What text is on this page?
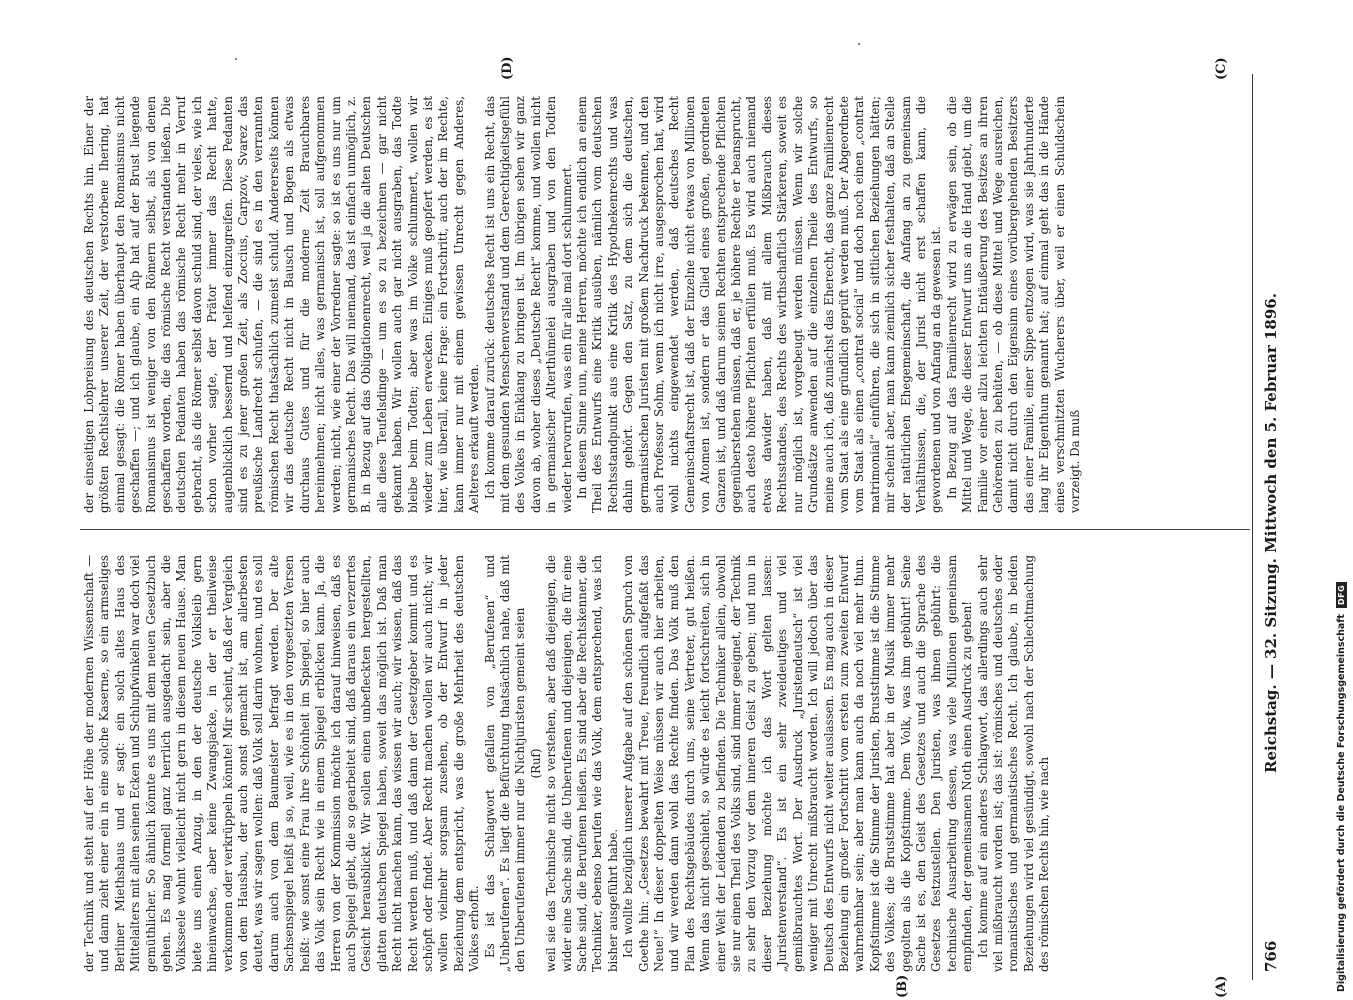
766
Reichstag. — 32. Sitzung. Mittwoch den 5. Februar 1896.
(A)
(B)
(C)
(D)

der Technik und steht auf der Höhe der modernen Wissenschaft — und dann zieht einer ein in eine solche Kaserne, so ein armseliges Berliner Miethshaus und er sagt: ein solch altes Haus des Mittelalters mit allen seinen Ecken und Schlupfwinkeln war doch viel gemüthlicher. So ähnlich könnte es uns mit dem neuen Gesetzbuch gehen. Es mag formell ganz herrlich ausgedacht sein, aber die Volksseele wohnt vielleicht nicht gern in diesem neuen Hause. Man biete uns einen Anzug, in den der deutsche Volksleib gern hineinwachse, aber keine Zwangsjacke, in der er theilweise verkommen oder verkrüppeln könnte! Mir scheint, daß der Vergleich von dem Hausbau, der auch sonst gemacht ist, am allerbesten deutet, was wir sagen wollen: daß Volk soll darin wohnen, und es soll darum auch von dem Baumeister befragt werden. Der alte Sachsenspiegel heißt ja so, weil, wie es in den vorgesetzten Versen heißt: wie sonst eine Frau ihre Schönheit im Spiegel, so hier auch das Volk sein Recht wie in einem Spiegel erblicken kann. Ja, die Herren von der Kommission möchte ich darauf hinweisen, daß es auch Spiegel giebt, die so gearbeitet sind, daß daraus ein verzerrtes Gesicht herausblickt. Wir sollen einen unbefleckten hergestellten, glatten deutschen Spiegel haben, soweit das möglich ist. Daß man Recht nicht machen kann, das wissen wir auch; wir wissen, daß das Recht werden muß, und daß dann der Gesetzgeber kommt und es schöpft oder findet. Aber Recht machen wollen wir auch nicht; wir wollen vielmehr sorgsam zusehen, ob der Entwurf in jeder Beziehung dem entspricht, was die große Mehrheit des deutschen Volkes erhofft. Es ist das Schlagwort gefallen von „Berufenen“ und „Unberufenen“. Es liegt die Befürchtung thatsächlich nahe, daß mit den Unberufenen immer nur die Nichtjuristen gemeint seien (Ruf) weil sie das Technische nicht so verstehen, aber daß diejenigen, die wider eine Sache sind, die Unberufenen und diejenigen, die für eine Sache sind, die Berufenen heißen. Es sind aber die Rechtskenner, die Techniker, ebenso berufen wie das Volk, dem entsprechend, was ich bisher ausgeführt habe. Ich wollte bezüglich unserer Aufgabe auf den schönen Spruch von Goethe hin: „Gesetzes bewahrt mit Treue, freundlich aufgefaßt das Neue!“ In dieser doppelten Weise müssen wir auch hier arbeiten, und wir werden dann wohl das Rechte finden. Das Volk muß den Plan des Rechtsgebäudes durch uns, seine Vertreter, gut heißen. Wenn das nicht geschieht, so würde es leicht fortschreiten, sich in einer Welt der Leidenden zu befinden. Die Techniker allein, obwohl sie nur einen Theil des Volks sind, sind immer geeignet, der Technik zu sehr den Vorzug vor dem inneren Geist zu geben; und nun in dieser Beziehung möchte ich das Wort gelten lassen: „Juristenverstand“. Es ist ein sehr zweideutiges und viel gemißbrauchtes Wort. Der Ausdruck „Juristendeutsch“ ist viel weniger mit Unrecht mißbraucht worden. Ich will jedoch über das Deutsch des Entwurfs nicht weiter auslassen. Es mag auch in dieser Beziehung ein großer Fortschritt vom ersten zum zweiten Entwurf wahrnehmbar sein; aber man kann auch da noch viel mehr thun. Kopfstimme ist die Stimme der Juristen, Bruststimme ist die Stimme des Volkes; die Bruststimme hat aber in der Musik immer mehr gegolten als die Kopfstimme. Dem Volk, was ihm gebührt! Seine Sache ist es, den Geist des Gesetzes und auch die Sprache des Gesetzes festzustellen. Den Juristen, was ihnen gebührt: die technische Ausarbeitung dessen, was viele Millionen gemeinsam empfinden, der gemeinsamen Noth einen Ausdruck zu geben! Ich komme auf ein anderes Schlagwort, das allerdings auch sehr viel mißbraucht worden ist; das ist: römisches und deutsches oder romanistisches und germanistisches Recht. Ich glaube, in beiden Beziehungen wird viel gesündigt, sowohl nach der Schlechtmachung des römischen Rechts hin, wie nach

der einseitigen Lobpreisung des deutschen Rechts hin. Einer der größten Rechtslehrer unserer Zeit, der verstorbene Ihering, hat einmal gesagt: die Römer haben überhaupt den Romanismus nicht geschaffen —; und ich glaube, ein Alp hat auf der Brust liegende Romanismus ist weniger von den Römern selbst, als von denen geschaffen worden, die das römische Recht verstanden ließen. Die deutschen Pedanten haben das römische Recht mehr in Verruf gebracht, als die Römer selbst davon schuld sind, der vieles, wie ich schon vorher sagte, der Prätor immer das Recht hatte, augenblicklich bessernd und helfend einzugreifen. Diese Pedanten sind es zu jener großen Zeit, als Zoccius, Carpzov, Svarez das preußische Landrecht schufen, — die sind es in den verrannten römischen Recht thatsächlich zumeist schuld. Andererseits können wir das deutsche Recht nicht in Bausch und Bogen als etwas durchaus Gutes und für die moderne Zeit Brauchbares hereinnehmen; nicht alles, was germanisch ist, soll aufgenommen werden; nicht, wie einer der Vorredner sagte: so ist es uns nur um germanisches Recht. Das will niemand, das ist einfach unmöglich, z. B. in Bezug auf das Obligationenrecht, weil ja die alten Deutschen alle diese Teufelsdinge — um es so zu bezeichnen — gar nicht gekannt haben. Wir wollen auch gar nicht ausgraben, das Todte bleibe beim Todten; aber was im Volke schlummert, wollen wir wieder zum Leben erwecken. Einiges muß geopfert werden, es ist hier, wie überall, keine Frage: ein Fortschritt, auch der im Rechte, kann immer nur mit einem gewissen Unrecht gegen Anderes, Aelteres erkauft werden. Ich komme darauf zurück: deutsches Recht ist uns ein Recht, das mit dem gesunden Menschenverstand und dem Gerechtigkeitsgefühl des Volkes in Einklang zu bringen ist. Im übrigen sehen wir ganz davon ab, woher dieses „Deutsche Recht“ komme, und wollen nicht in germanischer Alterthümelei ausgraben und von den Todten wieder hervorrufen, was ein für alle mal dort schlummert. In diesem Sinne nun, meine Herren, möchte ich endlich an einem Theil des Entwurfs eine Kritik ausüben, nämlich vom deutschen Rechtsstandpunkt aus eine Kritik des Hypothekenrechts und was dahin gehört. Gegen den Satz, zu dem sich die deutschen, germanistischen Juristen mit großem Nachdruck bekennen, und den auch Professor Sohm, wenn ich nicht irre, ausgesprochen hat, wird wohl nichts eingewendet werden, daß deutsches Recht Gemeinschaftsrecht ist, daß der Einzelne nicht etwas von Millionen von Atomen ist, sondern er das Glied eines großen, geordneten Ganzen ist, und daß darum seinen Rechten entsprechende Pflichten gegenüberstehen müssen, daß er, je höhere Rechte er beansprucht, auch desto höhere Pflichten erfüllen muß. Es wird auch niemand etwas dawider haben, daß mit allem Mißbrauch dieses Rechtsstandes, des Rechts des wirthschaftlich Stärkeren, soweit es nur möglich ist, vorgebeugt werden müssen. Wenn wir solche Grundsätze anwenden auf die einzelnen Theile des Entwurfs, so meine auch ich, daß zunächst das Eherecht, das ganze Familienrecht vom Staat als eine gründlich geprüft werden muß. Der Abgeordnete vom Staat als einen „contrat social“ und doch noch einen „contrat matrimonial“ einführen, die sich in sittlichen Beziehungen hätten; mir scheint aber, man kann ziemlich sicher festhalten, daß an Stelle der natürlichen Ehegemeinschaft, die Anfang an zu gemeinsam Verhältnissen, die, der Jurist nicht erst schaffen kann, die gewordenen und von Anfang an da gewesen ist. In Bezug auf das Familienrecht wird zu erwägen sein, ob die Mittel und Wege, die dieser Entwurf uns an die Hand giebt, um die Familie vor einer allzu leichten Entäußerung des Besitzes an ihren Gehörenden zu behüten, — ob diese Mittel und Wege ausreichen, damit nicht durch den Eigensinn eines vorübergehenden Besitzers das einer Familie, einer Sippe entzogen wird, was sie Jahrhunderte lang ihr Eigenthum genannt hat; auf einmal geht das in die Hände eines verschmitzten Wucherers über, weil er einen Schuldschein vorzeigt. Da muß

Digitalisierung gefördert durch die Deutsche Forschungsgemeinschaft
DFG
